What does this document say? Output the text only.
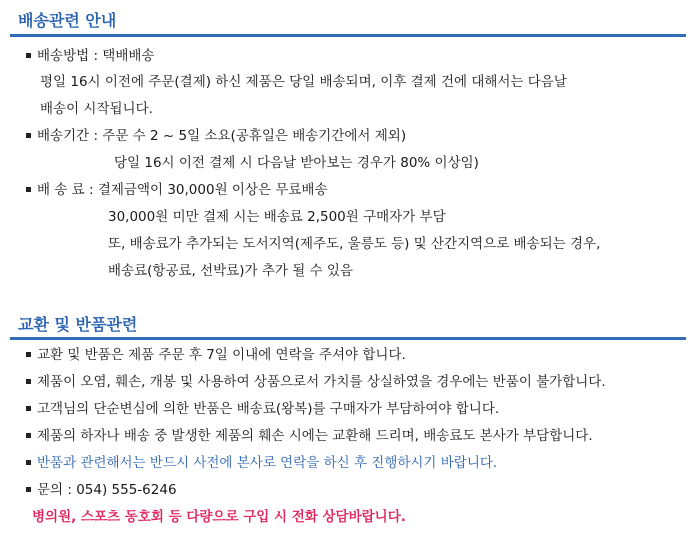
배송관련 안내
배송방법 : 택배배송
평일 16시 이전에 주문(결제) 하신 제품은 당일 배송되며, 이후 결제 건에 대해서는 다음날
배송이 시작됩니다.
배송기간 : 주문 수 2 ~ 5일 소요(공휴일은 배송기간에서 제외)
당일 16시 이전 결제 시 다음날 받아보는 경우가 80% 이상임)
배 송 료 : 결제금액이 30,000원 이상은 무료배송
30,000원 미만 결제 시는 배송료 2,500원 구매자가 부담
또, 배송료가 추가되는 도서지역(제주도, 울릉도 등) 및 산간지역으로 배송되는 경우,
배송료(항공료, 선박료)가 추가 될 수 있음
교환 및 반품관련
교환 및 반품은 제품 주문 후 7일 이내에 연락을 주셔야 합니다.
제품이 오염, 훼손, 개봉 및 사용하여 상품으로서 가치를 상실하였을 경우에는 반품이 불가합니다.
고객님의 단순변심에 의한 반품은 배송료(왕복)를 구매자가 부담하여야 합니다.
제품의 하자나 배송 중 발생한 제품의 훼손 시에는 교환해 드리며, 배송료도 본사가 부담합니다.
반품과 관련해서는 반드시 사전에 본사로 연락을 하신 후 진행하시기 바랍니다.
문의 : 054) 555-6246
병의원, 스포츠 동호회 등 다량으로 구입 시 전화 상담바랍니다.
